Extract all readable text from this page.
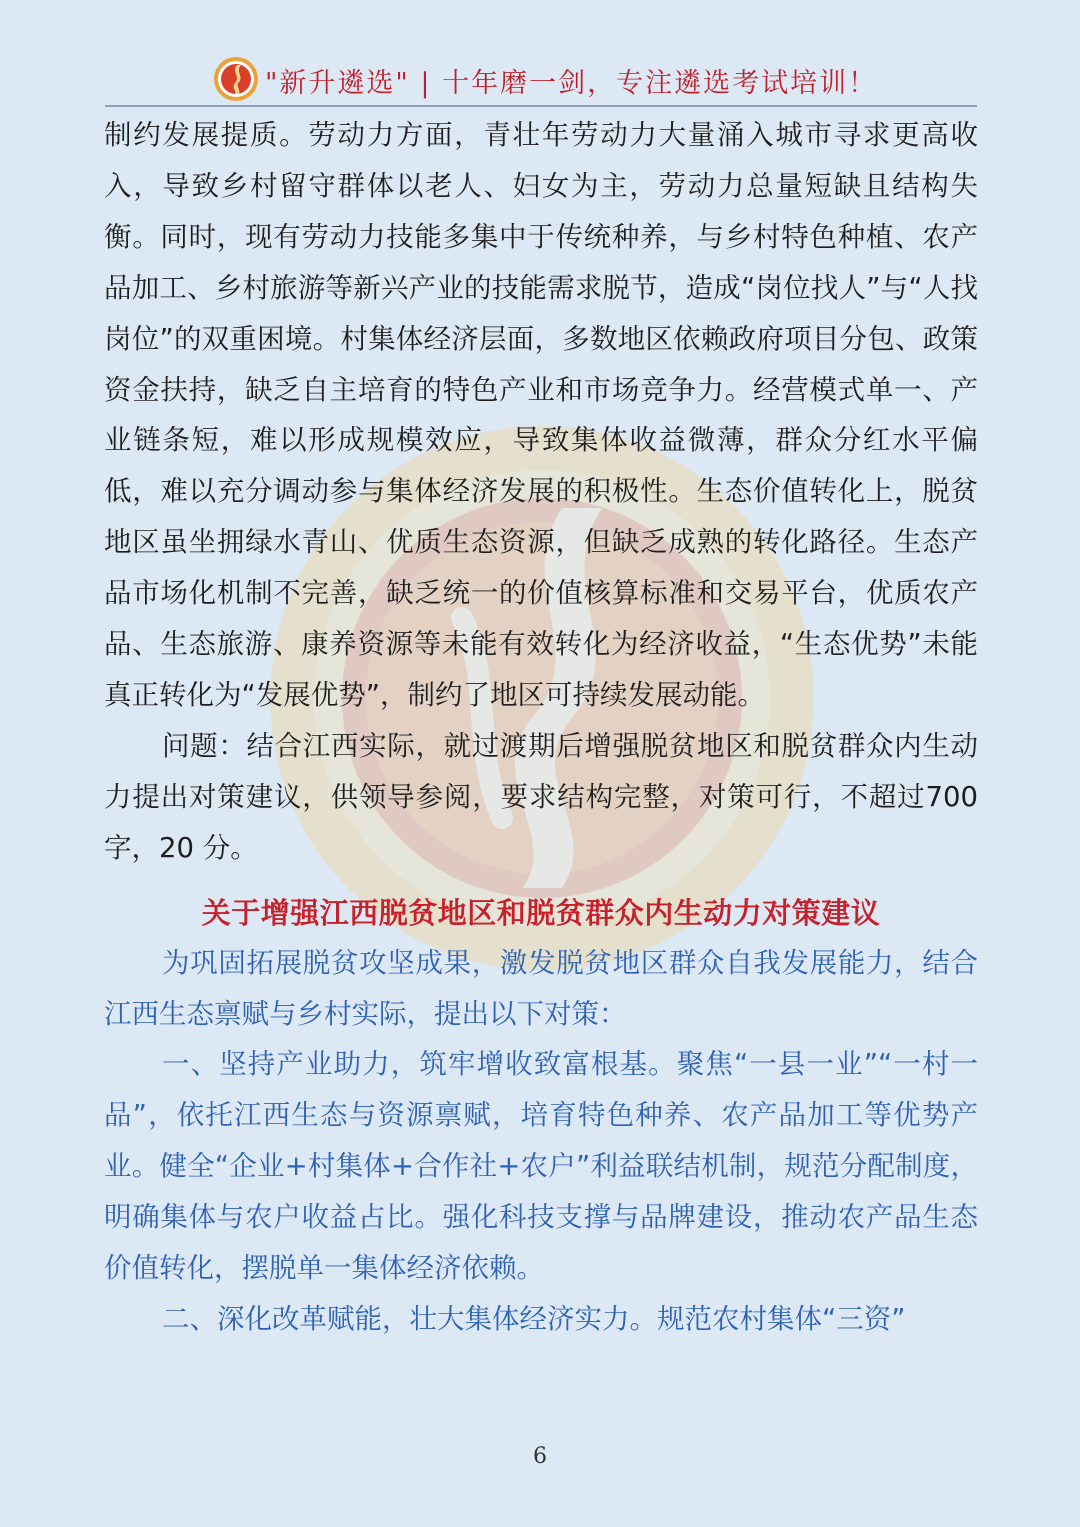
"新升遴选" | 十年磨一剑，专注遴选考试培训！

制约发展提质。劳动力方面，青壮年劳动力大量涌入城市寻求更高收入，导致乡村留守群体以老人、妇女为主，劳动力总量短缺且结构失衡。同时，现有劳动力技能多集中于传统种养，与乡村特色种植、农产品加工、乡村旅游等新兴产业的技能需求脱节，造成“岗位找人”与“人找岗位”的双重困境。村集体经济层面，多数地区依赖政府项目分包、政策资金扶持，缺乏自主培育的特色产业和市场竞争力。经营模式单一、产业链条短，难以形成规模效应，导致集体收益微薄，群众分红水平偏低，难以充分调动参与集体经济发展的积极性。生态价值转化上，脱贫地区虽坐拥绿水青山、优质生态资源，但缺乏成熟的转化路径。生态产品市场化机制不完善，缺乏统一的价值核算标准和交易平台，优质农产品、生态旅游、康养资源等未能有效转化为经济收益，“生态优势”未能真正转化为“发展优势”，制约了地区可持续发展动能。

问题：结合江西实际，就过渡期后增强脱贫地区和脱贫群众内生动力提出对策建议，供领导参阅，要求结构完整，对策可行，不超过700 字，20 分。

关于增强江西脱贫地区和脱贫群众内生动力对策建议

为巩固拓展脱贫攻坚成果，激发脱贫地区群众自我发展能力，结合江西生态禀赋与乡村实际，提出以下对策：

一、坚持产业助力，筑牢增收致富根基。聚焦“一县一业”“一村一品”，依托江西生态与资源禀赋，培育特色种养、农产品加工等优势产业。健全“企业+村集体+合作社+农户”利益联结机制，规范分配制度，明确集体与农户收益占比。强化科技支撑与品牌建设，推动农产品生态价值转化，摆脱单一集体经济依赖。

二、深化改革赋能，壮大集体经济实力。规范农村集体“三资”

6
